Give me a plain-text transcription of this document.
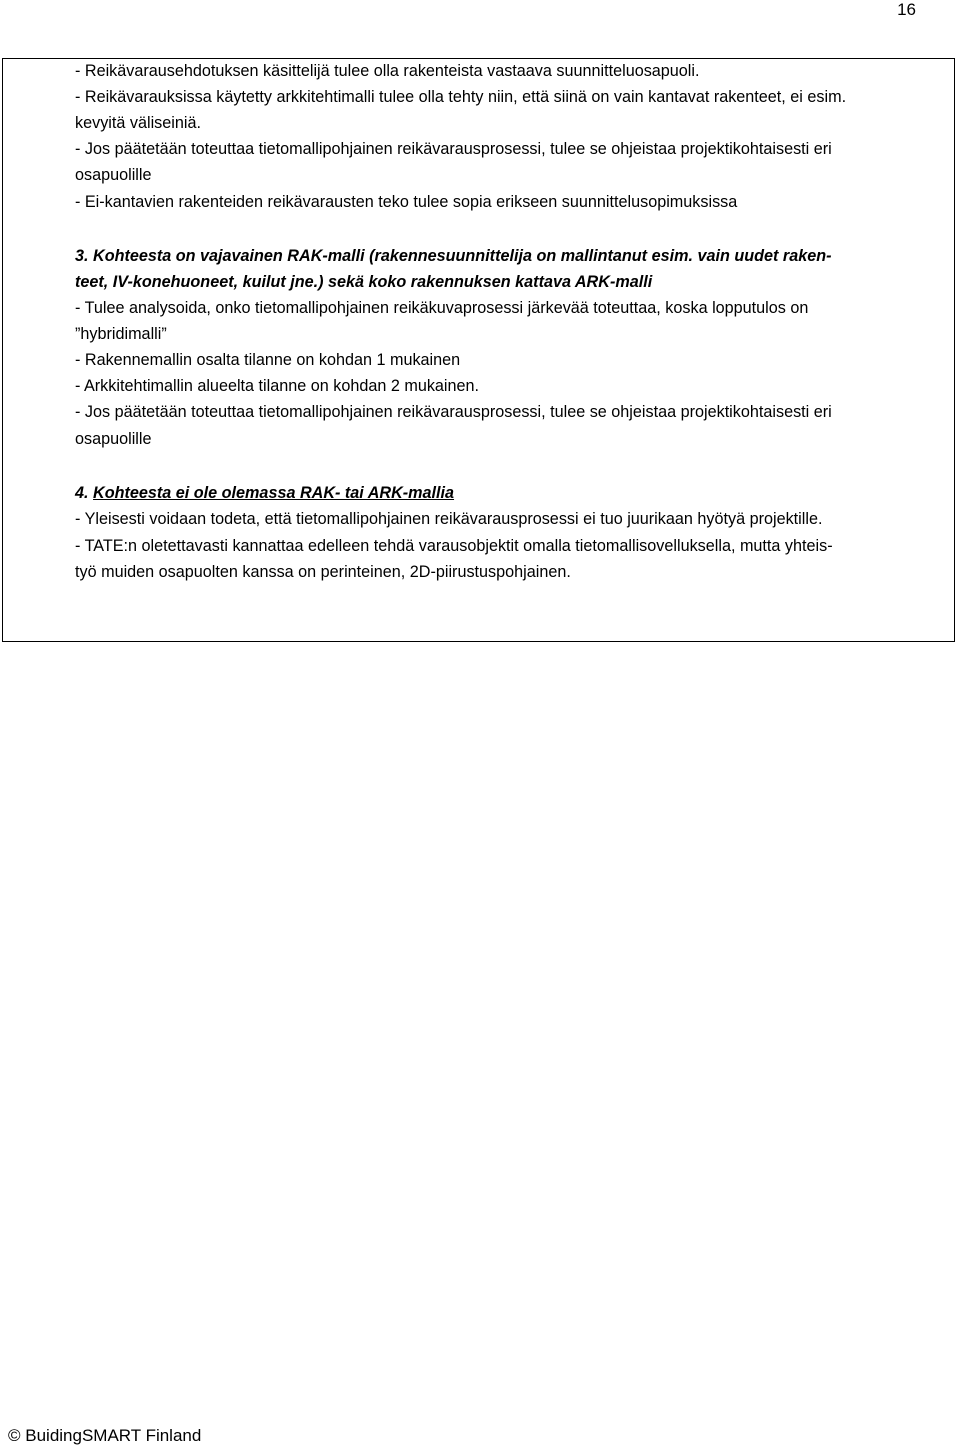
16
- Reikävarausehdotuksen käsittelijä tulee olla rakenteista vastaava suunnitteluosapuoli.
- Reikävarauksissa käytetty arkkitehtimalli tulee olla tehty niin, että siinä on vain kantavat rakenteet, ei esim.
kevyitä väliseiniä.
- Jos päätetään toteuttaa tietomallipohjainen reikävarausprosessi, tulee se ohjeistaa projektikohtaisesti eri
osapuolille
- Ei-kantavien rakenteiden reikävarausten teko tulee sopia erikseen suunnittelusopimuksissa
3. Kohteesta on vajavainen RAK-malli (rakennesuunnittelija on mallintanut esim. vain uudet raken-
teet, IV-konehuoneet, kuilut jne.) sekä koko rakennuksen kattava ARK-malli
- Tulee analysoida, onko tietomallipohjainen reikäkuvaprosessi järkevää toteuttaa, koska lopputulos on
”hybridimalli”
- Rakennemallin osalta tilanne on kohdan 1 mukainen
- Arkkitehtimallin alueelta tilanne on kohdan 2 mukainen.
- Jos päätetään toteuttaa tietomallipohjainen reikävarausprosessi, tulee se ohjeistaa projektikohtaisesti eri
osapuolille
4. Kohteesta ei ole olemassa RAK- tai ARK-mallia
- Yleisesti voidaan todeta, että tietomallipohjainen reikävarausprosessi ei tuo juurikaan hyötyä projektille.
- TATE:n oletettavasti kannattaa edelleen tehdä varausobjektit omalla tietomallisovelluksella, mutta yhteis-
työ muiden osapuolten kanssa on perinteinen, 2D-piirustuspohjainen.
© BuidingSMART Finland
